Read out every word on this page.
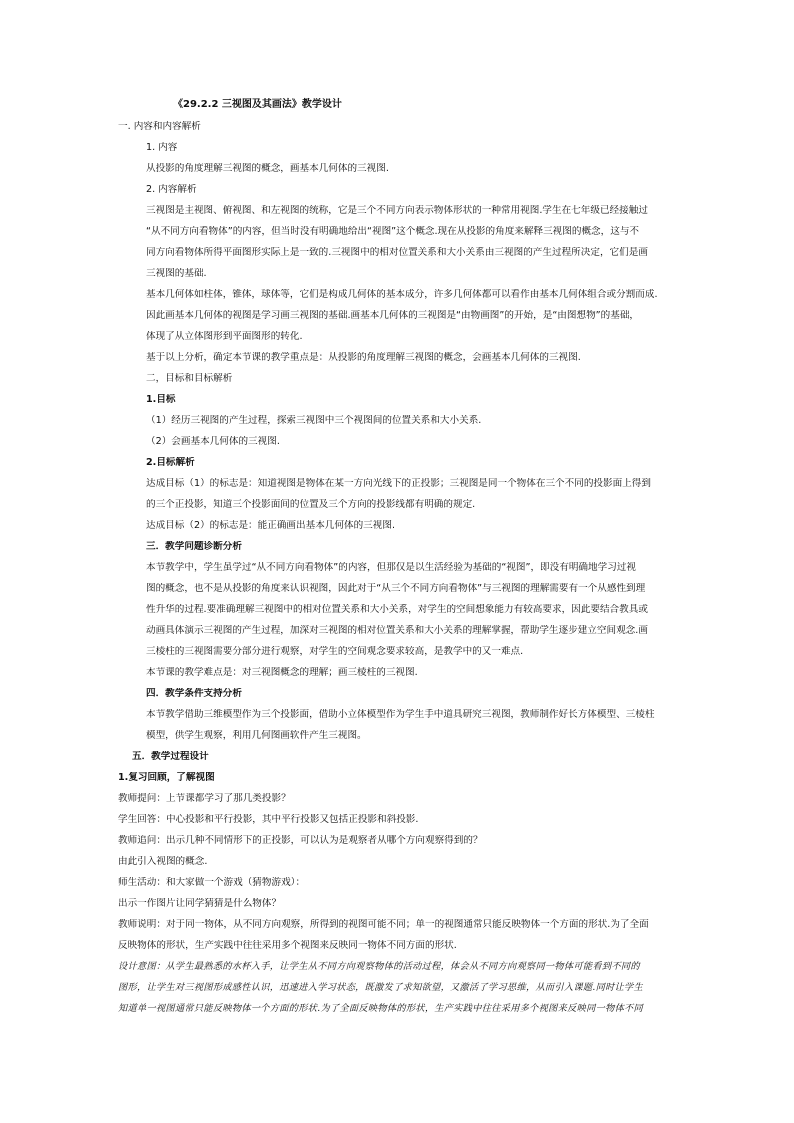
《29.2.2 三视图及其画法》教学设计
一. 内容和内容解析
1. 内容
从投影的角度理解三视图的概念，画基本几何体的三视图.
2. 内容解析
三视图是主视图、俯视图、和左视图的统称，它是三个不同方向表示物体形状的一种常用视图.学生在七年级已经接触过
“从不同方向看物体”的内容，但当时没有明确地给出“视图”这个概念.现在从投影的角度来解释三视图的概念，这与不
同方向看物体所得平面图形实际上是一致的.三视图中的相对位置关系和大小关系由三视图的产生过程所决定，它们是画
三视图的基础.
基本几何体如柱体，锥体，球体等，它们是构成几何体的基本成分，许多几何体都可以看作由基本几何体组合或分割而成.
因此画基本几何体的视图是学习画三视图的基础.画基本几何体的三视图是“由物画图”的开始，是“由图想物”的基础，
体现了从立体图形到平面图形的转化.
基于以上分析，确定本节课的教学重点是：从投影的角度理解三视图的概念，会画基本几何体的三视图.
二，目标和目标解析
1.目标
（1）经历三视图的产生过程，探索三视图中三个视图间的位置关系和大小关系.
（2）会画基本几何体的三视图.
2.目标解析
达成目标（1）的标志是：知道视图是物体在某一方向光线下的正投影；三视图是同一个物体在三个不同的投影面上得到
的三个正投影，知道三个投影面间的位置及三个方向的投影线都有明确的规定.
达成目标（2）的标志是：能正确画出基本几何体的三视图.
三．教学问题诊断分析
本节教学中，学生虽学过“从不同方向看物体”的内容，但那仅是以生活经验为基础的“视图”，即没有明确地学习过视
图的概念，也不是从投影的角度来认识视图，因此对于“从三个不同方向看物体”与三视图的理解需要有一个从感性到理
性升华的过程.要准确理解三视图中的相对位置关系和大小关系，对学生的空间想象能力有较高要求，因此要结合教具或
动画具体演示三视图的产生过程，加深对三视图的相对位置关系和大小关系的理解掌握，帮助学生逐步建立空间观念.画
三棱柱的三视图需要分部分进行观察，对学生的空间观念要求较高，是教学中的又一难点.
本节课的教学难点是：对三视图概念的理解；画三棱柱的三视图.
四．教学条件支持分析
本节教学借助三维模型作为三个投影面，借助小立体模型作为学生手中道具研究三视图，教师制作好长方体模型、三棱柱
模型，供学生观察，利用几何图画软件产生三视图。
五．教学过程设计
1.复习回顾，了解视图
教师提问：上节课都学习了那几类投影？
学生回答：中心投影和平行投影，其中平行投影又包括正投影和斜投影.
教师追问：出示几种不同情形下的正投影，可以认为是观察者从哪个方向观察得到的？
由此引入视图的概念.
师生活动：和大家做一个游戏（猜物游戏）：
出示一作图片让同学猜猜是什么物体？
教师说明：对于同一物体，从不同方向观察，所得到的视图可能不同；单一的视图通常只能反映物体一个方面的形状.为了全面
反映物体的形状，生产实践中往往采用多个视图来反映同一物体不同方面的形状.
设计意图：从学生最熟悉的水杯入手，让学生从不同方向观察物体的活动过程，体会从不同方向观察同一物体可能看到不同的
图形，让学生对三视图形成感性认识，迅速进入学习状态，既激发了求知欲望，又激活了学习思维，从而引入课题.同时让学生
知道单一视图通常只能反映物体一个方面的形状.为了全面反映物体的形状，生产实践中往往采用多个视图来反映同一物体不同
